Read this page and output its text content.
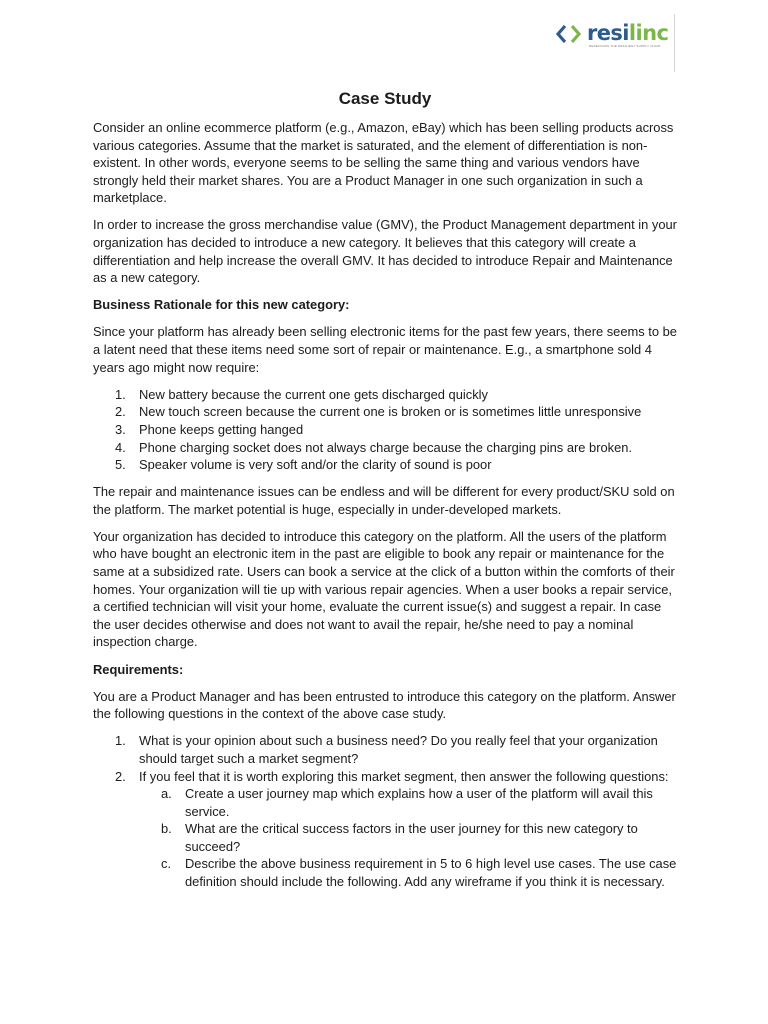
resilinc
REDEFINING THE RESILIENT SUPPLY CHAIN
Case Study

Consider an online ecommerce platform (e.g., Amazon, eBay) which has been selling products across various categories. Assume that the market is saturated, and the element of differentiation is non-existent. In other words, everyone seems to be selling the same thing and various vendors have strongly held their market shares. You are a Product Manager in one such organization in such a marketplace.

In order to increase the gross merchandise value (GMV), the Product Management department in your organization has decided to introduce a new category. It believes that this category will create a differentiation and help increase the overall GMV. It has decided to introduce Repair and Maintenance as a new category.

Business Rationale for this new category:

Since your platform has already been selling electronic items for the past few years, there seems to be a latent need that these items need some sort of repair or maintenance. E.g., a smartphone sold 4 years ago might now require:

1. New battery because the current one gets discharged quickly
2. New touch screen because the current one is broken or is sometimes little unresponsive
3. Phone keeps getting hanged
4. Phone charging socket does not always charge because the charging pins are broken.
5. Speaker volume is very soft and/or the clarity of sound is poor

The repair and maintenance issues can be endless and will be different for every product/SKU sold on the platform. The market potential is huge, especially in under-developed markets.

Your organization has decided to introduce this category on the platform. All the users of the platform who have bought an electronic item in the past are eligible to book any repair or maintenance for the same at a subsidized rate. Users can book a service at the click of a button within the comforts of their homes. Your organization will tie up with various repair agencies. When a user books a repair service, a certified technician will visit your home, evaluate the current issue(s) and suggest a repair. In case the user decides otherwise and does not want to avail the repair, he/she need to pay a nominal inspection charge.

Requirements:

You are a Product Manager and has been entrusted to introduce this category on the platform. Answer the following questions in the context of the above case study.

1. What is your opinion about such a business need? Do you really feel that your organization should target such a market segment?
2. If you feel that it is worth exploring this market segment, then answer the following questions:
a. Create a user journey map which explains how a user of the platform will avail this service.
b. What are the critical success factors in the user journey for this new category to succeed?
c. Describe the above business requirement in 5 to 6 high level use cases. The use case definition should include the following. Add any wireframe if you think it is necessary.
